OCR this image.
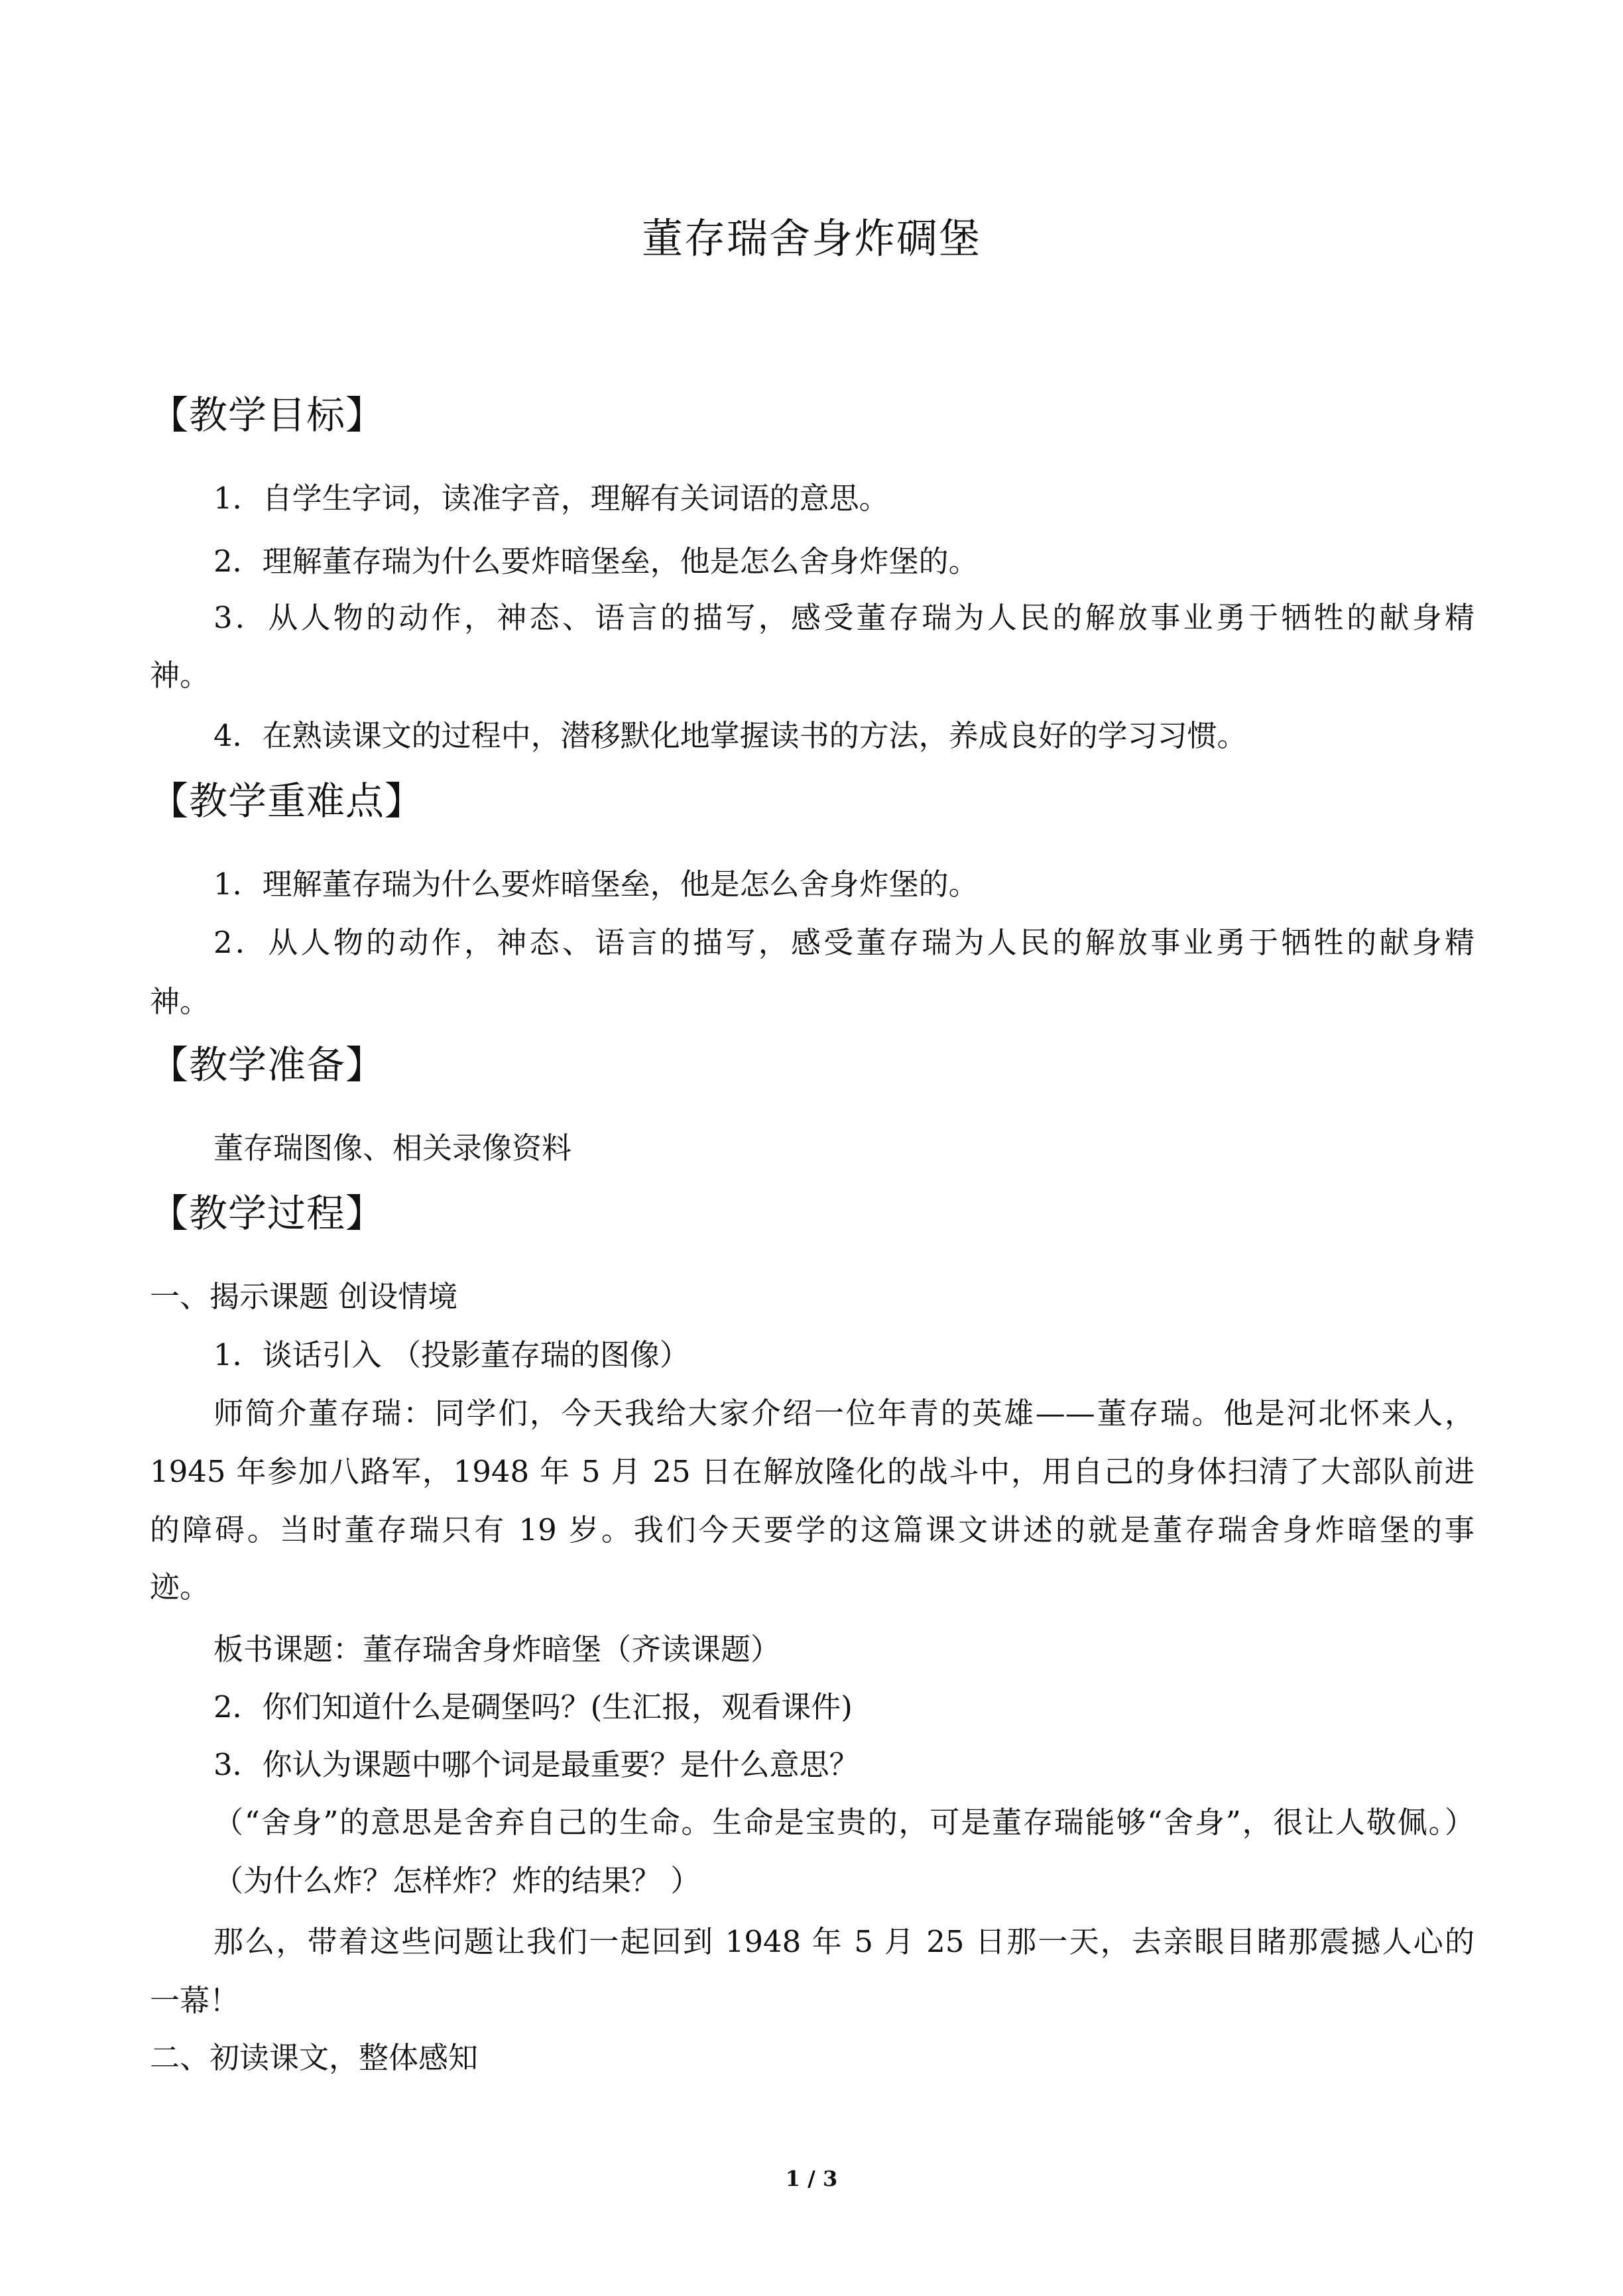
董存瑞舍身炸碉堡
【教学目标】
1．自学生字词，读准字音，理解有关词语的意思。
2．理解董存瑞为什么要炸暗堡垒，他是怎么舍身炸堡的。
3．从人物的动作，神态、语言的描写，感受董存瑞为人民的解放事业勇于牺牲的献身精
神。
4．在熟读课文的过程中，潜移默化地掌握读书的方法，养成良好的学习习惯。
【教学重难点】
1．理解董存瑞为什么要炸暗堡垒，他是怎么舍身炸堡的。
2．从人物的动作，神态、语言的描写，感受董存瑞为人民的解放事业勇于牺牲的献身精
神。
【教学准备】
董存瑞图像、相关录像资料
【教学过程】
一、揭示课题 创设情境
1．谈话引入 （投影董存瑞的图像）
师简介董存瑞：同学们，今天我给大家介绍一位年青的英雄——董存瑞。他是河北怀来人，
1945 年参加八路军，1948 年 5 月 25 日在解放隆化的战斗中，用自己的身体扫清了大部队前进
的障碍。当时董存瑞只有 19 岁。我们今天要学的这篇课文讲述的就是董存瑞舍身炸暗堡的事
迹。
板书课题：董存瑞舍身炸暗堡（齐读课题）
2．你们知道什么是碉堡吗？(生汇报，观看课件)
3．你认为课题中哪个词是最重要？是什么意思？
（“舍身”的意思是舍弃自己的生命。生命是宝贵的，可是董存瑞能够“舍身”，很让人敬佩。）
（为什么炸？怎样炸？炸的结果？ ）
那么，带着这些问题让我们一起回到 1948 年 5 月 25 日那一天，去亲眼目睹那震撼人心的
一幕！
二、初读课文，整体感知
1 / 3
